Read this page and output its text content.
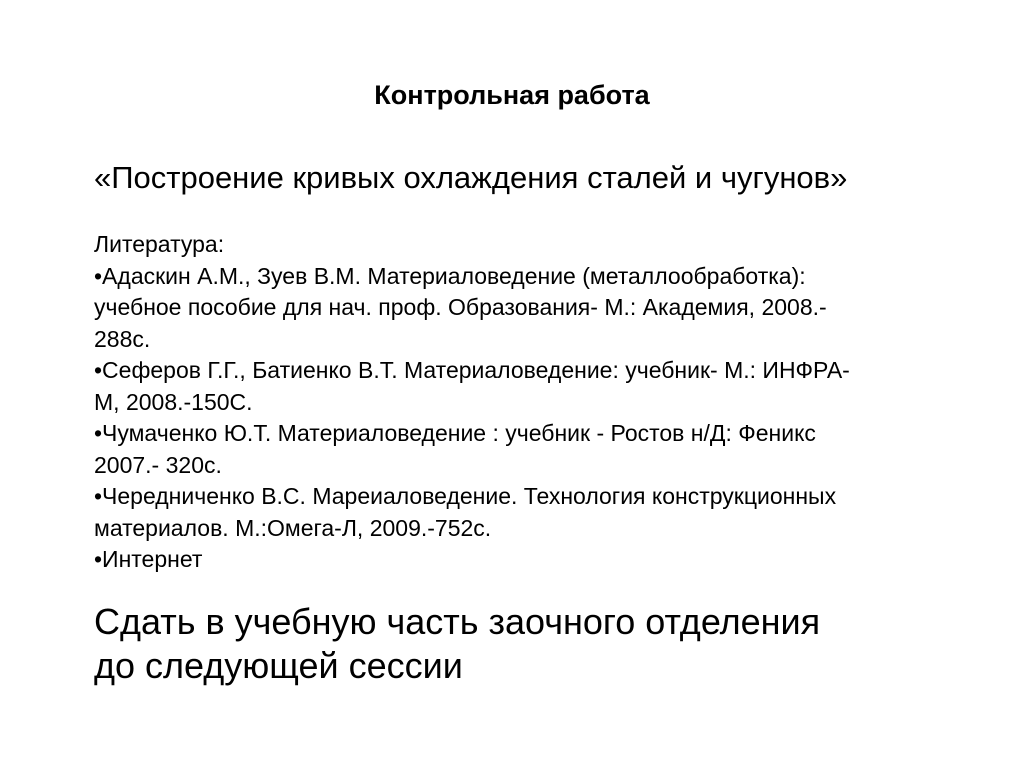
Контрольная работа

«Построение кривых охлаждения сталей и чугунов»

Литература:
•Адаскин А.М., Зуев В.М. Материаловедение (металлообработка):
учебное пособие для нач. проф. Образования- М.: Академия, 2008.-
288с.
•Сеферов Г.Г., Батиенко В.Т. Материаловедение: учебник- М.: ИНФРА-
М, 2008.-150С.
•Чумаченко Ю.Т. Материаловедение : учебник - Ростов н/Д: Феникс
2007.- 320с.
•Чередниченко В.С. Мареиаловедение. Технология конструкционных
материалов. М.:Омега-Л, 2009.-752с.
•Интернет

Сдать в учебную часть заочного отделения
до следующей сессии
